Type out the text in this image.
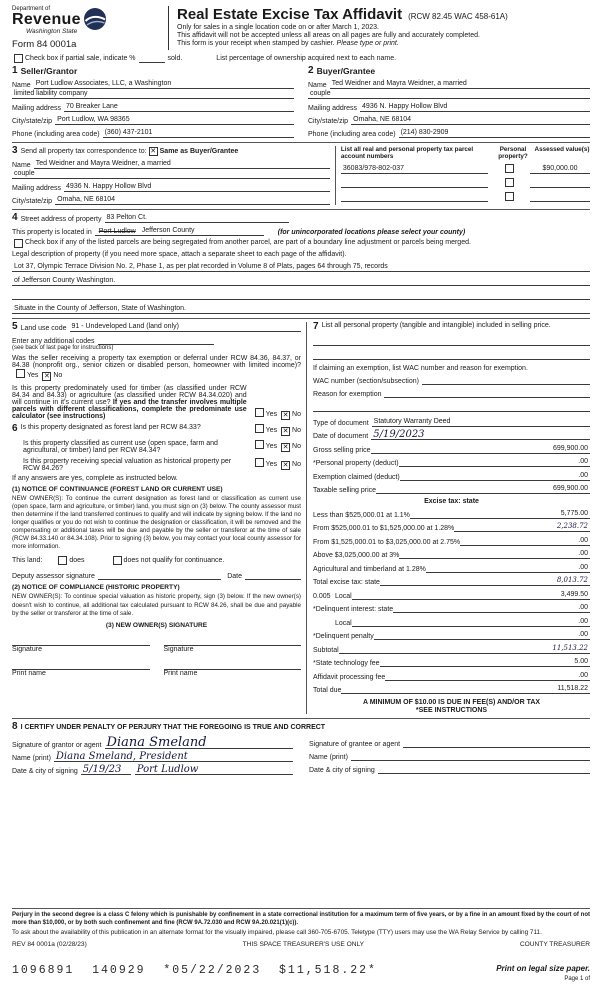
Department of
Revenue
Washington State
Form 84 0001a
Real Estate Excise Tax Affidavit (RCW 82.45 WAC 458-61A)
Only for sales in a single location code on or after March 1, 2023.
This affidavit will not be accepted unless all areas on all pages are fully and accurately completed.
This form is your receipt when stamped by cashier. Please type or print.
Check box if partial sale, indicate %	sold.	List percentage of ownership acquired next to each name.
1 Seller/Grantor
Name Port Ludlow Associates, LLC, a Washington
limited liability company
Mailing address 70 Breaker Lane
City/state/zip Port Ludlow, WA 98365
Phone (including area code) (360) 437-2101
2 Buyer/Grantee
Name Ted Weidner and Mayra Weidner, a married
couple
Mailing address 4936 N. Happy Hollow Blvd
City/state/zip Omaha, NE 68104
Phone (including area code) (214) 830-2909
3 Send all property tax correspondence to: ✕ Same as Buyer/Grantee
Name Ted Weidner and Mayra Weidner, a married
couple
Mailing address 4936 N. Happy Hollow Blvd
City/state/zip Omaha, NE 68104
List all real and personal property tax parcel account numbers
Personal property?
Assessed value(s)
36083/978-802-037	$90,000.00
4 Street address of property 83 Pelton Ct.
This property is located in	Port Ludlow Jefferson County	(for unincorporated locations please select your county)
Check box if any of the listed parcels are being segregated from another parcel, are part of a boundary line adjustment or parcels being merged.
Legal description of property (if you need more space, attach a separate sheet to each page of the affidavit).
Lot 37, Olympic Terrace Division No. 2, Phase 1, as per plat recorded in Volume 8 of Plats, pages 64 through 75, records
of Jefferson County Washington.
Situate in the County of Jefferson, State of Washington.
5 Land use code 91 - Undeveloped Land (land only)
Enter any additional codes
(see back of last page for instructions)
Was the seller receiving a property tax exemption or deferral under RCW 84.36, 84.37, or 84.38 (nonprofit org., senior citizen or disabled person, homeowner with limited income)? Yes ✕ No
Is this property predominately used for timber (as classified under RCW 84.34 and 84.33) or agriculture (as classified under RCW 84.34.020) and will continue in it's current use? If yes and the transfer involves multiple parcels with different classifications, complete the predominate use calculator (see instructions)	Yes ✕ No
6 Is this property designated as forest land per RCW 84.33?	Yes ✕ No
Is this property classified as current use (open space, farm and agricultural, or timber) land per RCW 84.34?
Yes ✕ No
Is this property receiving special valuation as historical property per RCW 84.26?
Yes ✕ No
If any answers are yes, complete as instructed below.
(1) NOTICE OF CONTINUANCE (FOREST LAND OR CURRENT USE)
NEW OWNER(S): To continue the current designation as forest land or classification as current use (open space, farm and agriculture, or timber) land, you must sign on (3) below. The county assessor must then determine if the land transferred continues to qualify and will indicate by signing below. If the land no longer qualifies or you do not wish to continue the designation or classification, it will be removed and the compensating or additional taxes will be due and payable by the seller or transferor at the time of sale (RCW 84.33.140 or 84.34.108). Prior to signing (3) below, you may contact your local county assessor for more information.
This land:	does	does not qualify for continuance.
Deputy assessor signature	Date
(2) NOTICE OF COMPLIANCE (HISTORIC PROPERTY)
NEW OWNER(S): To continue special valuation as historic property, sign (3) below. If the new owner(s) doesn't wish to continue, all additional tax calculated pursuant to RCW 84.26, shall be due and payable by the seller or transferor at the time of sale.
(3) NEW OWNER(S) SIGNATURE
Signature	Signature
Print name	Print name
7 List all personal property (tangible and intangible) included in selling price.
If claiming an exemption, list WAC number and reason for exemption.
WAC number (section/subsection)
Reason for exemption
Type of document Statutory Warranty Deed
Date of document 5/19/2023
Gross selling price	699,900.00
*Personal property (deduct)	.00
Exemption claimed (deduct)	.00
Taxable selling price	699,900.00
Excise tax: state
Less than $525,000.01 at 1.1%	5,775.00
From $525,000.01 to $1,525,000.00 at 1.28%	2,238.72
From $1,525,000.01 to $3,025,000.00 at 2.75%	.00
Above $3,025,000.00 at 3%	.00
Agricultural and timberland at 1.28%	.00
Total excise tax: state	8,013.72
0.005 Local	3,499.50
*Delinquent interest: state	.00
Local	.00
*Delinquent penalty	.00
Subtotal	11,513.22
*State technology fee	5.00
Affidavit processing fee	.00
Total due	11,518.22
A MINIMUM OF $10.00 IS DUE IN FEE(S) AND/OR TAX
*SEE INSTRUCTIONS
8 I CERTIFY UNDER PENALTY OF PERJURY THAT THE FOREGOING IS TRUE AND CORRECT
Signature of grantor or agent Diana Smeland
Name (print) Diana Smeland, President
Date & city of signing 5/19/23	Port Ludlow
Signature of grantee or agent
Name (print)
Date & city of signing
Perjury in the second degree is a class C felony which is punishable by confinement in a state correctional institution for a maximum term of five years, or by a fine in an amount fixed by the court of not more than $10,000, or by both such confinement and fine (RCW 9A.72.030 and RCW 9A.20.021(1)(c)).
To ask about the availability of this publication in an alternate format for the visually impaired, please call 360-705-6705. Teletype (TTY) users may use the WA Relay Service by calling 711.
REV 84 0001a (02/28/23)	THIS SPACE TREASURER'S USE ONLY	COUNTY TREASURER
1096891  140929  *05/22/2023  $11,518.22*	Print on legal size paper.
Page 1 of
